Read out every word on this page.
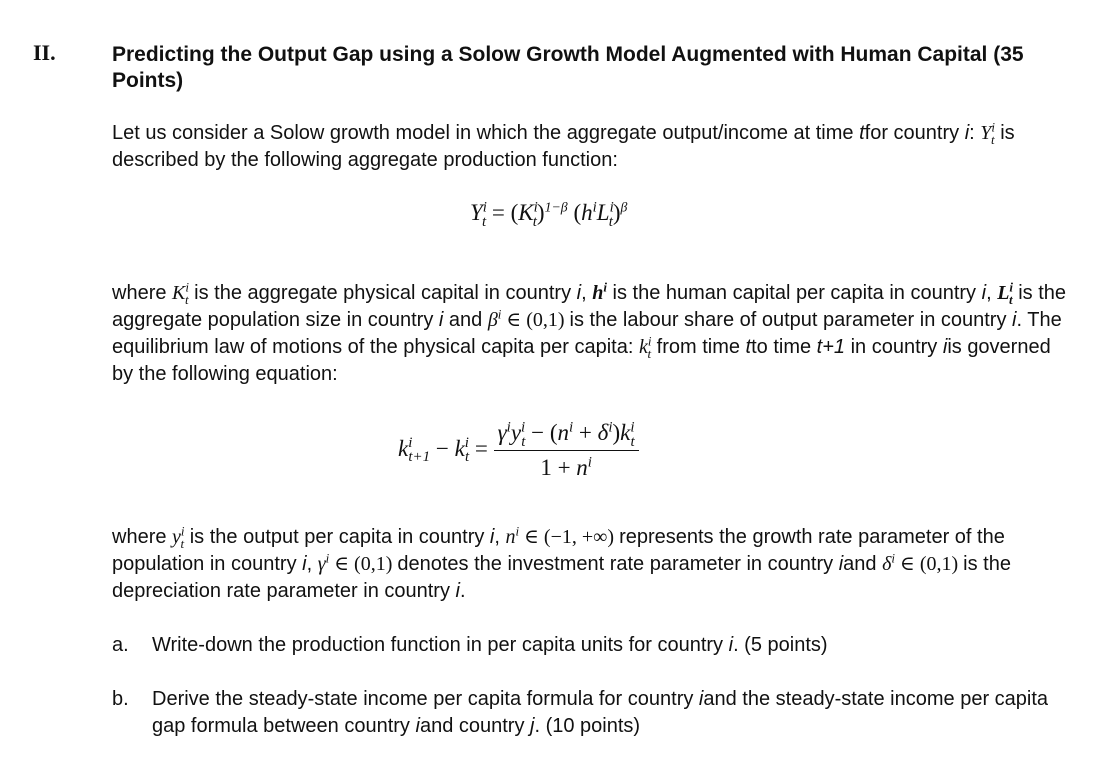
II.	Predicting the Output Gap using a Solow Growth Model Augmented with Human Capital (35 Points)
Let us consider a Solow growth model in which the aggregate output/income at time tfor country i: $Y^i_t$ is described by the following aggregate production function:
$Y^i_t = (K^i_t)^{1-\beta}$ $(h^iL^i_t)^\beta$
where $K^i_t$ is the aggregate physical capital in country i, $h^i$ is the human capital per capita in country i, $L^i_t$ is the aggregate population size in country i and $\beta^i$ ∈ (0,1) is the labour share of output parameter in country i. The equilibrium law of motions of the physical capita per capita: $k^i_t$ from time tto time t+1 in country iis governed by the following equation:
$k^i_{t+1} - k^i_t = \frac{\gamma^iy^i_t - (n^i + \delta^i)k^i_t}{1 + n^i}$
where $y^i_t$ is the output per capita in country i, $n^i$ ∈ (−1, +∞) represents the growth rate parameter of the population in country i, $\gamma^i$ ∈ (0,1) denotes the investment rate parameter in country iand $\delta^i$ ∈ (0,1) is the depreciation rate parameter in country i.
a. Write-down the production function in per capita units for country i. (5 points)
b. Derive the steady-state income per capita formula for country iand the steady-state income per capita gap formula between country iand country j. (10 points)
